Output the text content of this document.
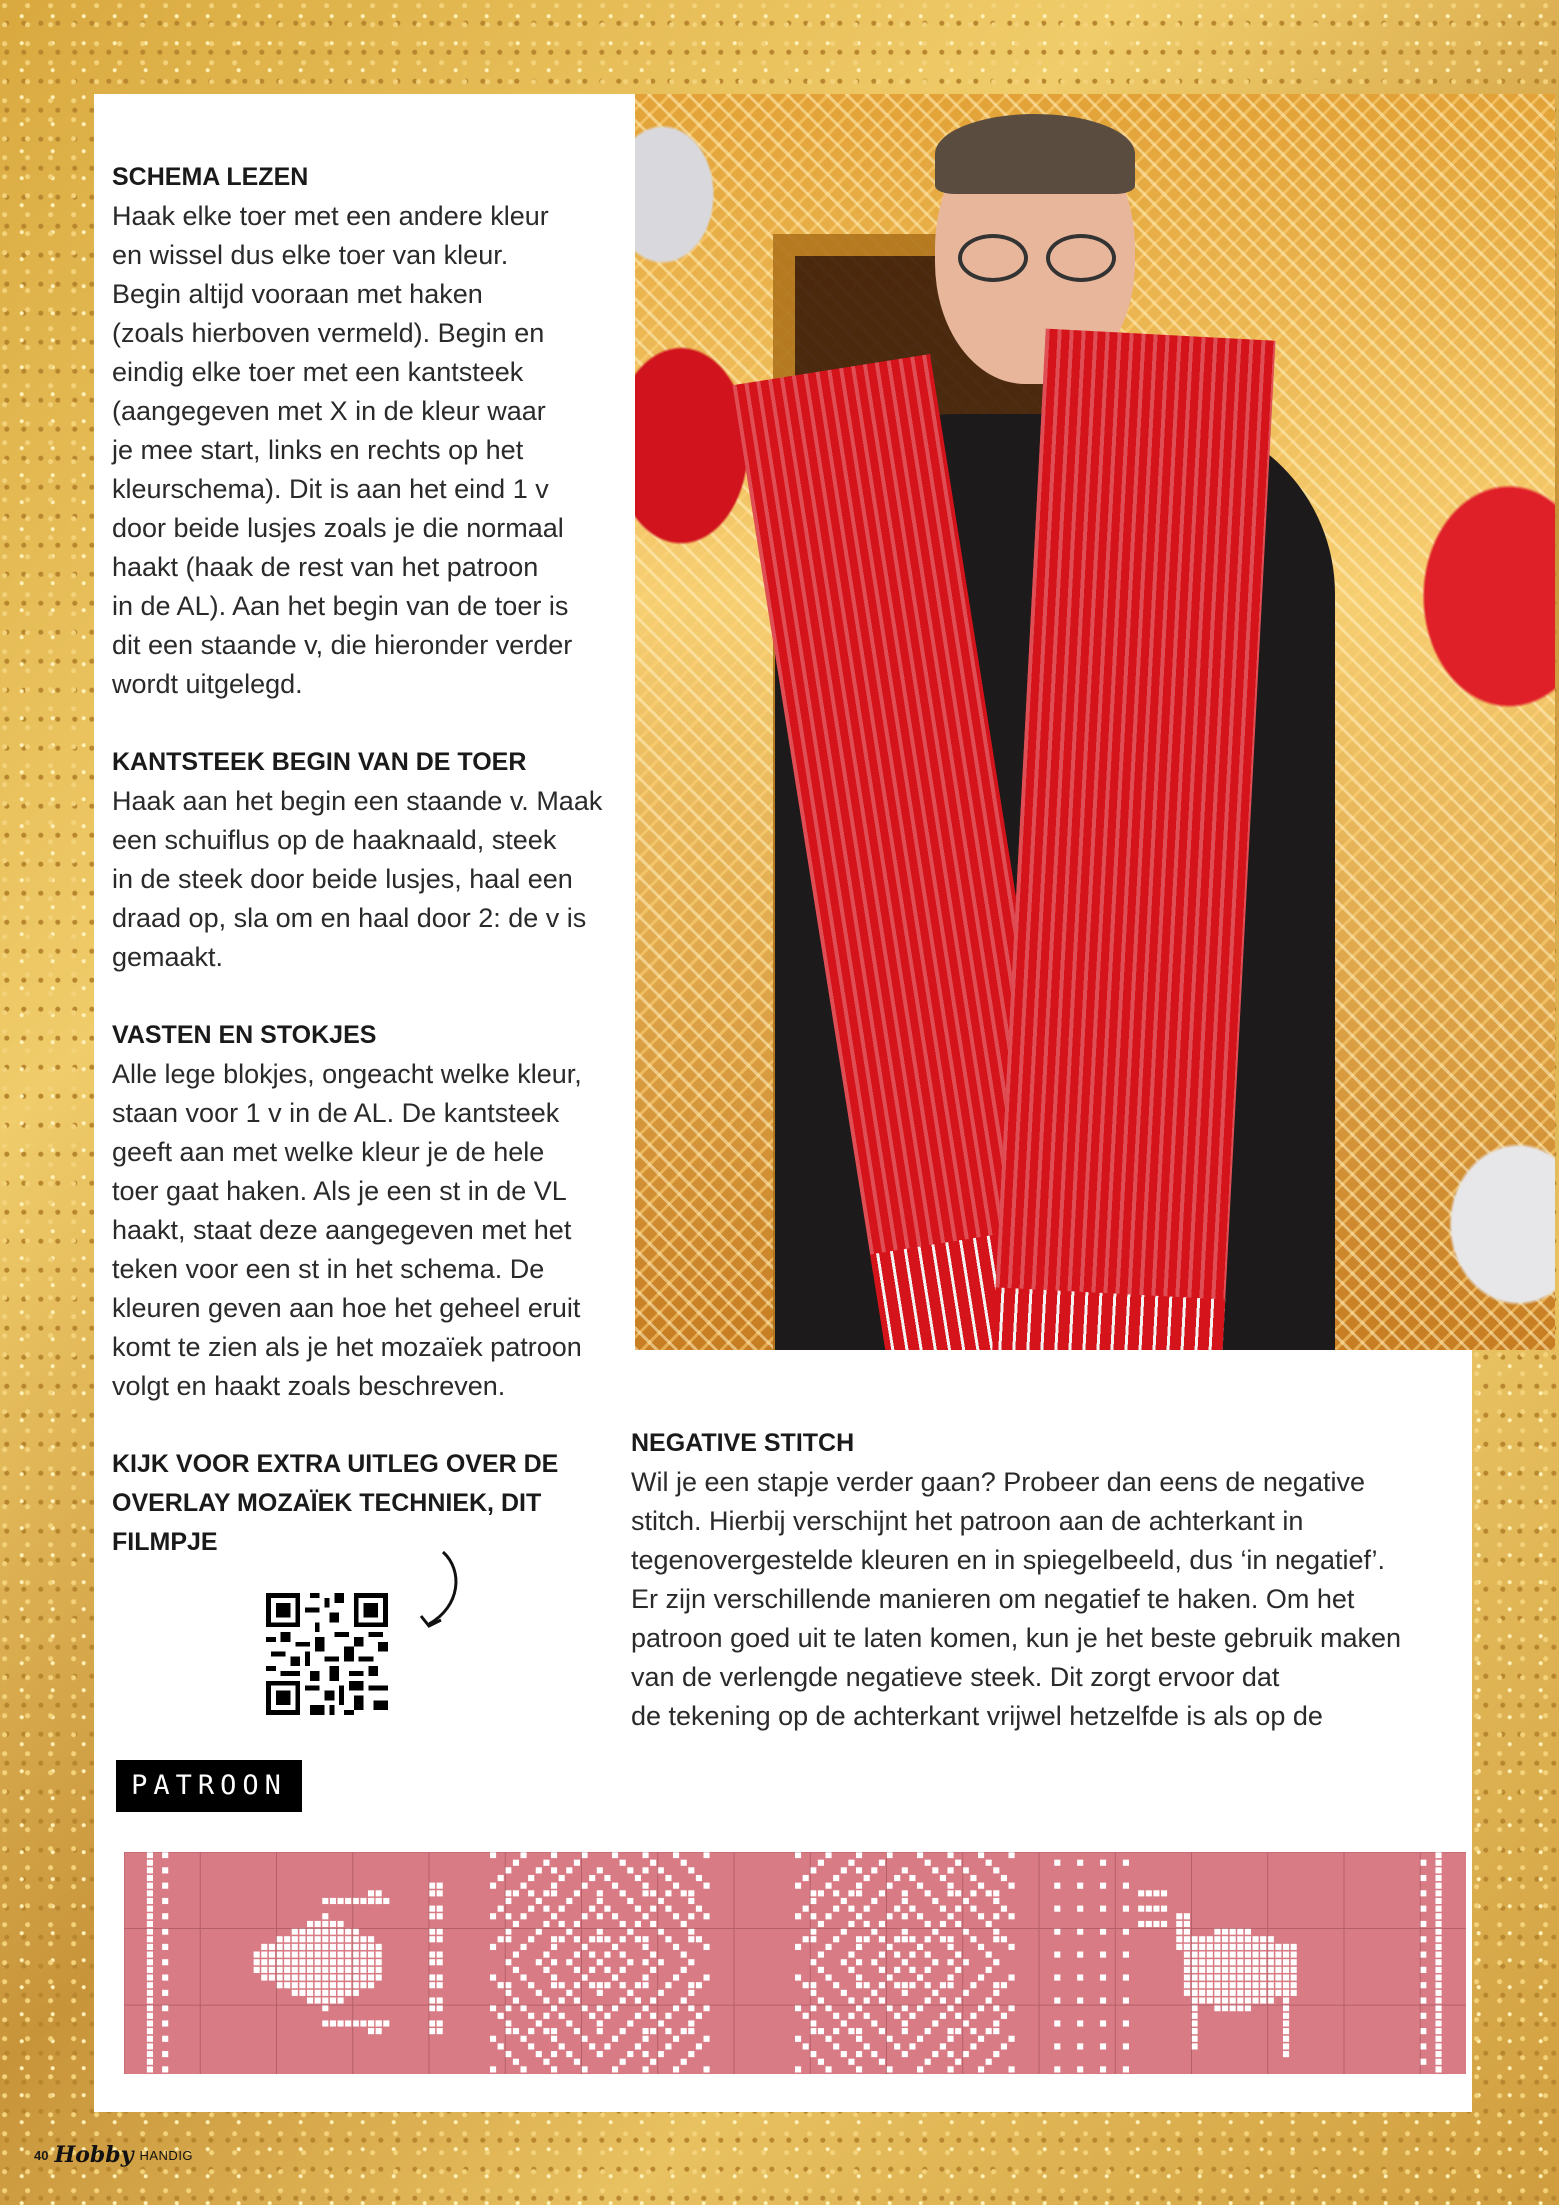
SCHEMA LEZEN

Haak elke toer met een andere kleur
en wissel dus elke toer van kleur.
Begin altijd vooraan met haken
(zoals hierboven vermeld). Begin en
eindig elke toer met een kantsteek
(aangegeven met X in de kleur waar
je mee start, links en rechts op het
kleurschema). Dit is aan het eind 1 v
door beide lusjes zoals je die normaal
haakt (haak de rest van het patroon
in de AL). Aan het begin van de toer is
dit een staande v, die hieronder verder
wordt uitgelegd.

KANTSTEEK BEGIN VAN DE TOER

Haak aan het begin een staande v. Maak
een schuiflus op de haaknaald, steek
in de steek door beide lusjes, haal een
draad op, sla om en haal door 2: de v is
gemaakt.

VASTEN EN STOKJES

Alle lege blokjes, ongeacht welke kleur,
staan voor 1 v in de AL. De kantsteek
geeft aan met welke kleur je de hele
toer gaat haken. Als je een st in de VL
haakt, staat deze aangegeven met het
teken voor een st in het schema. De
kleuren geven aan hoe het geheel eruit
komt te zien als je het mozaïek patroon
volgt en haakt zoals beschreven.

KIJK VOOR EXTRA UITLEG OVER DE
OVERLAY MOZAÏEK TECHNIEK, DIT
FILMPJE

NEGATIVE STITCH

Wil je een stapje verder gaan? Probeer dan eens de negative
stitch. Hierbij verschijnt het patroon aan de achterkant in
tegenovergestelde kleuren en in spiegelbeeld, dus ‘in negatief’.
Er zijn verschillende manieren om negatief te haken. Om het
patroon goed uit te laten komen, kun je het beste gebruik maken
van de verlengde negatieve steek. Dit zorgt ervoor dat
de tekening op de achterkant vrijwel hetzelfde is als op de

PATROON
40 Hobby HANDIG
